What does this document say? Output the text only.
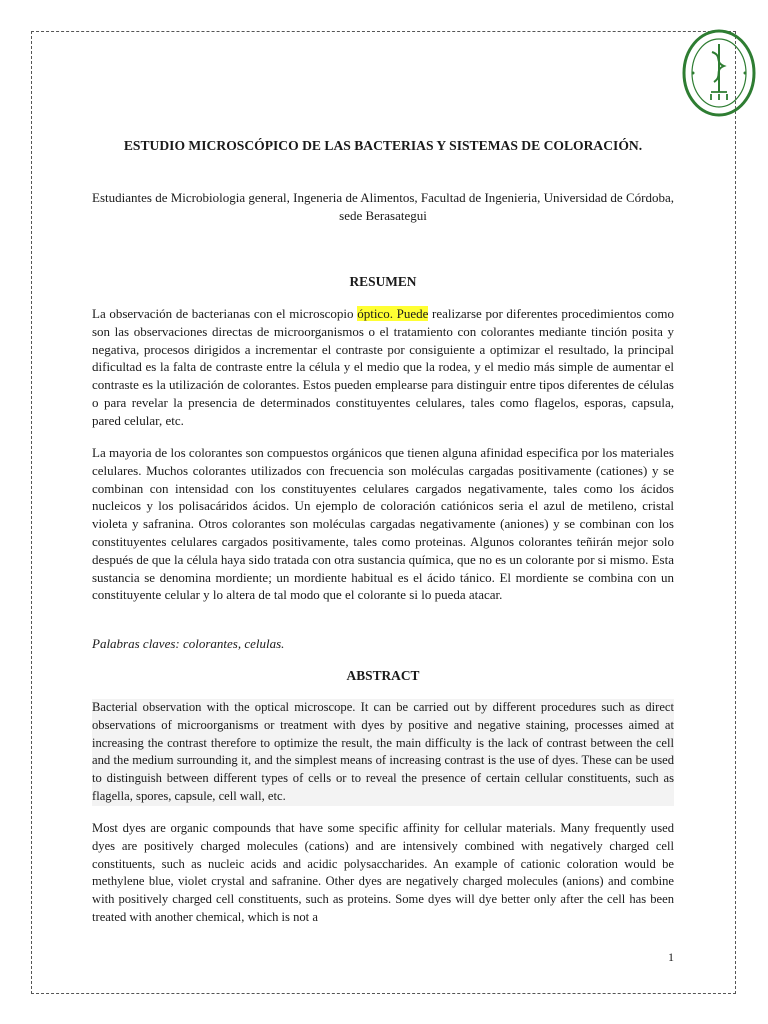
ESTUDIO MICROSCÓPICO DE LAS BACTERIAS Y SISTEMAS DE COLORACIÓN.
Estudiantes de Microbiologia general, Ingeneria de Alimentos, Facultad de Ingenieria, Universidad de Córdoba, sede Berasategui
RESUMEN
La observación de bacterianas con el microscopio óptico. Puede realizarse por diferentes procedimientos como son las observaciones directas de microorganismos o el tratamiento con colorantes mediante tinción posita y negativa, procesos dirigidos a incrementar el contraste por consiguiente a optimizar el resultado, la principal dificultad es la falta de contraste entre la célula y el medio que la rodea, y el medio más simple de aumentar el contraste es la utilización de colorantes. Estos pueden emplearse para distinguir entre tipos diferentes de células o para revelar la presencia de determinados constituyentes celulares, tales como flagelos, esporas, capsula, pared celular, etc.
La mayoria de los colorantes son compuestos orgánicos que tienen alguna afinidad especifica por los materiales celulares. Muchos colorantes utilizados con frecuencia son moléculas cargadas positivamente (cationes) y se combinan con intensidad con los constituyentes celulares cargados negativamente, tales como los ácidos nucleicos y los polisacáridos ácidos. Un ejemplo de coloración catiónicos seria el azul de metileno, cristal violeta y safranina. Otros colorantes son moléculas cargadas negativamente (aniones) y se combinan con los constituyentes celulares cargados positivamente, tales como proteinas. Algunos colorantes teñirán mejor solo después de que la célula haya sido tratada con otra sustancia química, que no es un colorante por si mismo. Esta sustancia se denomina mordiente; un mordiente habitual es el ácido tánico. El mordiente se combina con un constituyente celular y lo altera de tal modo que el colorante si lo pueda atacar.
Palabras claves: colorantes, celulas.
ABSTRACT
Bacterial observation with the optical microscope. It can be carried out by different procedures such as direct observations of microorganisms or treatment with dyes by positive and negative staining, processes aimed at increasing the contrast therefore to optimize the result, the main difficulty is the lack of contrast between the cell and the medium surrounding it, and the simplest means of increasing contrast is the use of dyes. These can be used to distinguish between different types of cells or to reveal the presence of certain cellular constituents, such as flagella, spores, capsule, cell wall, etc.
Most dyes are organic compounds that have some specific affinity for cellular materials. Many frequently used dyes are positively charged molecules (cations) and are intensively combined with negatively charged cell constituents, such as nucleic acids and acidic polysaccharides. An example of cationic coloration would be methylene blue, violet crystal and safranine. Other dyes are negatively charged molecules (anions) and combine with positively charged cell constituents, such as proteins. Some dyes will dye better only after the cell has been treated with another chemical, which is not a
1
